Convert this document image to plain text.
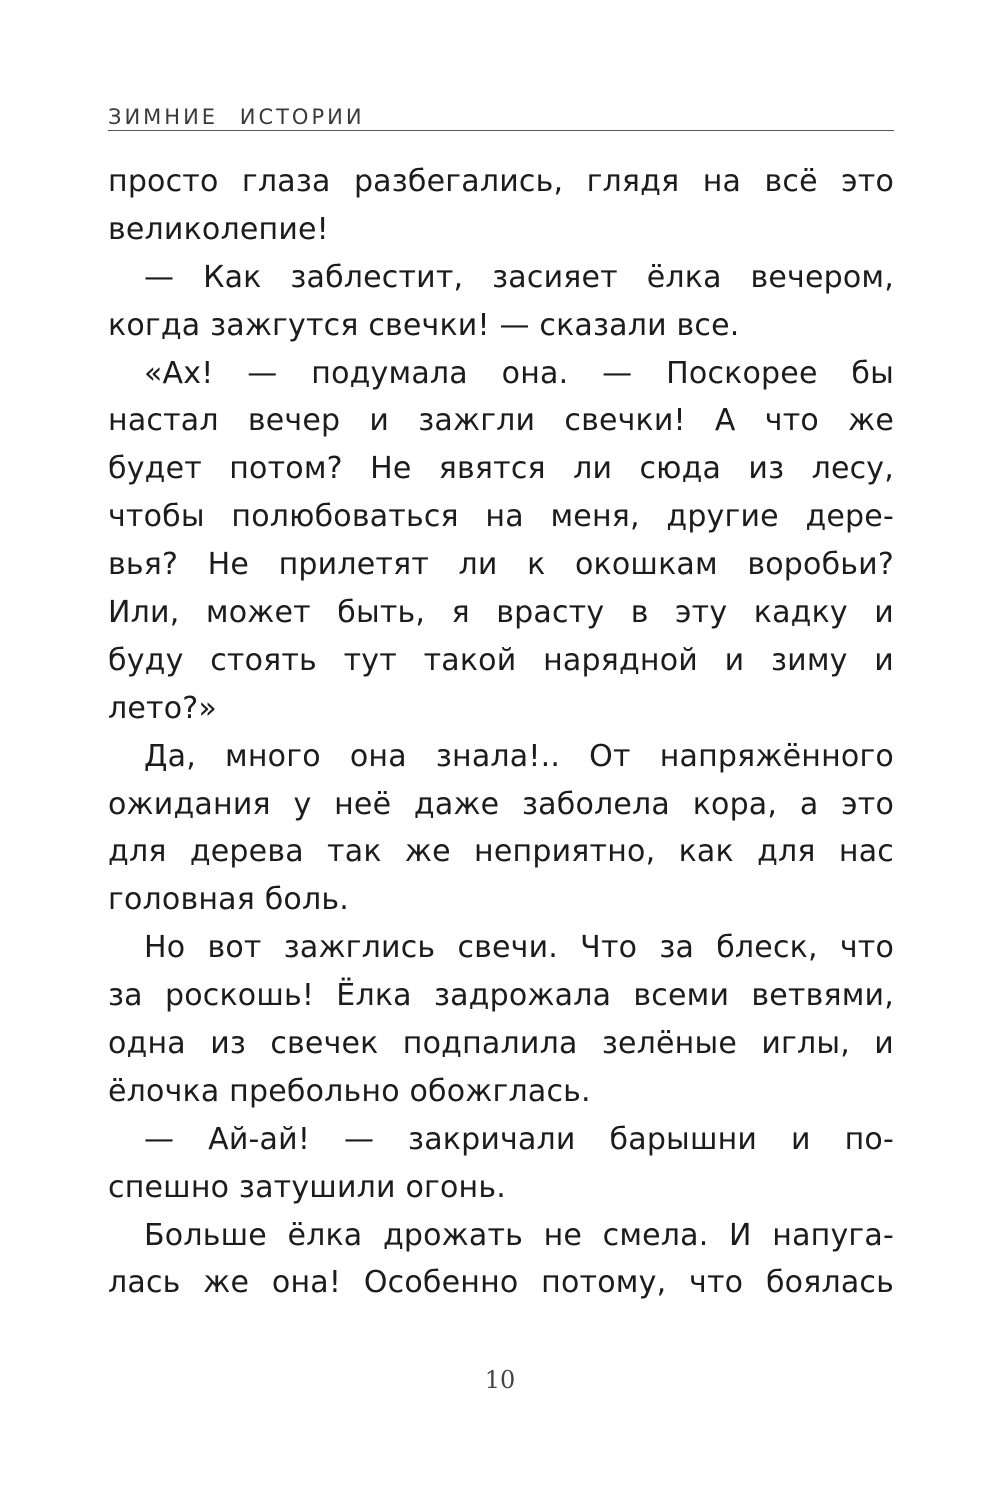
ЗИМНИЕ ИСТОРИИ
просто глаза разбегались, глядя на всё это
великолепие!
— Как заблестит, засияет ёлка вечером,
когда зажгутся свечки! — сказали все.
«Ах! — подумала она. — Поскорее бы
настал вечер и зажгли свечки! А что же
будет потом? Не явятся ли сюда из лесу,
чтобы полюбоваться на меня, другие дере-
вья? Не прилетят ли к окошкам воробьи?
Или, может быть, я врасту в эту кадку и
буду стоять тут такой нарядной и зиму и
лето?»
Да, много она знала!.. От напряжённого
ожидания у неё даже заболела кора, а это
для дерева так же неприятно, как для нас
головная боль.
Но вот зажглись свечи. Что за блеск, что
за роскошь! Ёлка задрожала всеми ветвями,
одна из свечек подпалила зелёные иглы, и
ёлочка пребольно обожглась.
— Ай-ай! — закричали барышни и по-
спешно затушили огонь.
Больше ёлка дрожать не смела. И напуга-
лась же она! Особенно потому, что боялась
10
